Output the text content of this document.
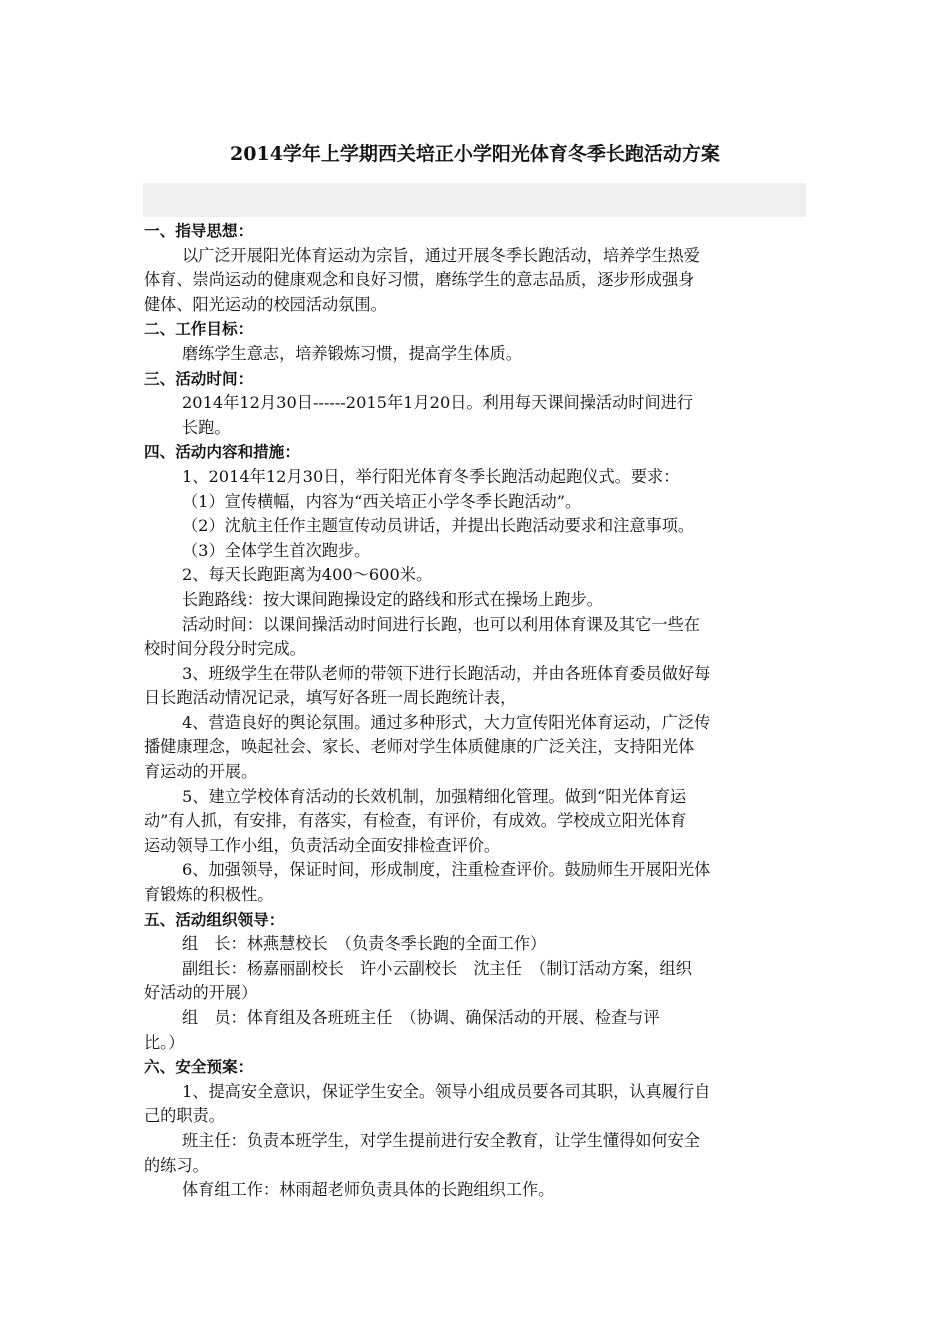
2014学年上学期西关培正小学阳光体育冬季长跑活动方案

一、指导思想：

以广泛开展阳光体育运动为宗旨，通过开展冬季长跑活动，培养学生热爱

体育、崇尚运动的健康观念和良好习惯，磨练学生的意志品质，逐步形成强身

健体、阳光运动的校园活动氛围。

二、工作目标：

磨练学生意志，培养锻炼习惯，提高学生体质。

三、活动时间：

2014年12月30日------2015年1月20日。利用每天课间操活动时间进行

长跑。

四、活动内容和措施：

1、2014年12月30日，举行阳光体育冬季长跑活动起跑仪式。要求：

（1）宣传横幅，内容为“西关培正小学冬季长跑活动”。

（2）沈航主任作主题宣传动员讲话，并提出长跑活动要求和注意事项。

（3）全体学生首次跑步。

2、每天长跑距离为400～600米。

长跑路线：按大课间跑操设定的路线和形式在操场上跑步。

活动时间：以课间操活动时间进行长跑，也可以利用体育课及其它一些在

校时间分段分时完成。

3、班级学生在带队老师的带领下进行长跑活动，并由各班体育委员做好每

日长跑活动情况记录，填写好各班一周长跑统计表，

4、营造良好的舆论氛围。通过多种形式，大力宣传阳光体育运动，广泛传

播健康理念，唤起社会、家长、老师对学生体质健康的广泛关注，支持阳光体

育运动的开展。

5、建立学校体育活动的长效机制，加强精细化管理。做到“阳光体育运

动”有人抓，有安排，有落实，有检查，有评价，有成效。学校成立阳光体育

运动领导工作小组，负责活动全面安排检查评价。

6、加强领导，保证时间，形成制度，注重检查评价。鼓励师生开展阳光体

育锻炼的积极性。

五、活动组织领导：

组　长：林燕慧校长　（负责冬季长跑的全面工作）

副组长：杨嘉丽副校长　许小云副校长　沈主任　（制订活动方案，组织

好活动的开展）

组　员：体育组及各班班主任　（协调、确保活动的开展、检查与评

比。）

六、安全预案：

1、提高安全意识，保证学生安全。领导小组成员要各司其职，认真履行自

己的职责。

班主任：负责本班学生，对学生提前进行安全教育，让学生懂得如何安全

的练习。

体育组工作：林雨超老师负责具体的长跑组织工作。
